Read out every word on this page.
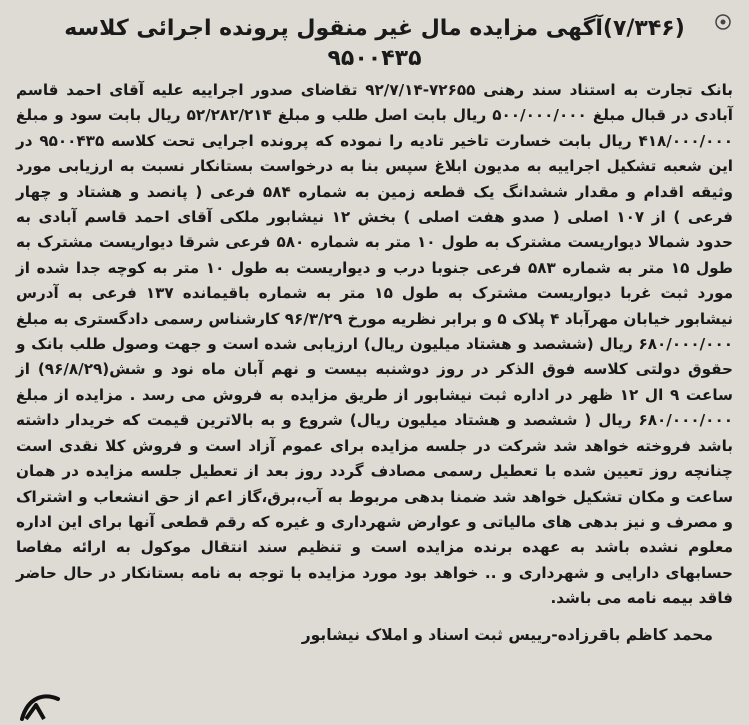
(۷/۳۴۶)آگهی مزایده مال غیر منقول پرونده اجرائی کلاسه ۹۵۰۰۴۳۵

بانک تجارت به استناد سند رهنی ۷۲۶۵۵-۹۲/۷/۱۴ تقاضای صدور اجراییه علیه آقای احمد قاسم آبادی در قبال مبلغ ۵۰۰/۰۰۰/۰۰۰ ریال بابت اصل طلب و مبلغ ۵۲/۲۸۲/۲۱۴ ریال بابت سود و مبلغ ۴۱۸/۰۰۰/۰۰۰ ریال بابت خسارت تاخیر تادیه را نموده که پرونده اجرایی تحت کلاسه ۹۵۰۰۴۳۵ در این شعبه تشکیل اجراییه به مدیون ابلاغ سپس بنا به درخواست بستانکار نسبت به ارزیابی مورد وثیقه اقدام و مقدار ششدانگ یک قطعه زمین به شماره ۵۸۴ فرعی ( پانصد و هشتاد و چهار فرعی ) از ۱۰۷ اصلی ( صدو هفت اصلی ) بخش ۱۲ نیشابور ملکی آقای احمد قاسم آبادی به حدود شمالا دیواریست مشترک به طول ۱۰ متر به شماره ۵۸۰ فرعی شرقا دیواریست مشترک به طول ۱۵ متر به شماره ۵۸۳ فرعی جنوبا درب و دیواریست به طول ۱۰ متر به کوچه جدا شده از مورد ثبت غربا دیواریست مشترک به طول ۱۵ متر به شماره باقیمانده ۱۳۷ فرعی به آدرس نیشابور خیابان مهرآباد ۴ پلاک ۵ و برابر نظریه مورخ ۹۶/۳/۲۹ کارشناس رسمی دادگستری به مبلغ ۶۸۰/۰۰۰/۰۰۰ ریال (ششصد و هشتاد میلیون ریال) ارزیابی شده است و جهت وصول طلب بانک و حقوق دولتی کلاسه فوق الذکر در روز دوشنبه بیست و نهم آبان ماه نود و شش(۹۶/۸/۲۹) از ساعت ۹ ال ۱۲ ظهر در اداره ثبت نیشابور از طریق مزایده به فروش می رسد . مزایده از مبلغ ۶۸۰/۰۰۰/۰۰۰ ریال ( ششصد و هشتاد میلیون ریال) شروع و به بالاترین قیمت که خریدار داشته باشد فروخته خواهد شد شرکت در جلسه مزایده برای عموم آزاد است و فروش کلا نقدی است چنانچه روز تعیین شده با تعطیل رسمی مصادف گردد روز بعد از تعطیل جلسه مزایده در همان ساعت و مکان تشکیل خواهد شد ضمنا بدهی مربوط به آب،برق،گاز اعم از حق انشعاب و اشتراک و مصرف و نیز بدهی های مالیاتی و عوارض شهرداری و غیره که رقم قطعی آنها برای این اداره معلوم نشده باشد به عهده برنده مزایده است و تنظیم سند انتقال موکول به ارائه مفاصا حسابهای دارایی و شهرداری و .. خواهد بود مورد مزایده با توجه به نامه بستانکار در حال حاضر فاقد بیمه نامه می باشد.

محمد کاظم باقرزاده-رییس ثبت اسناد و املاک نیشابور
